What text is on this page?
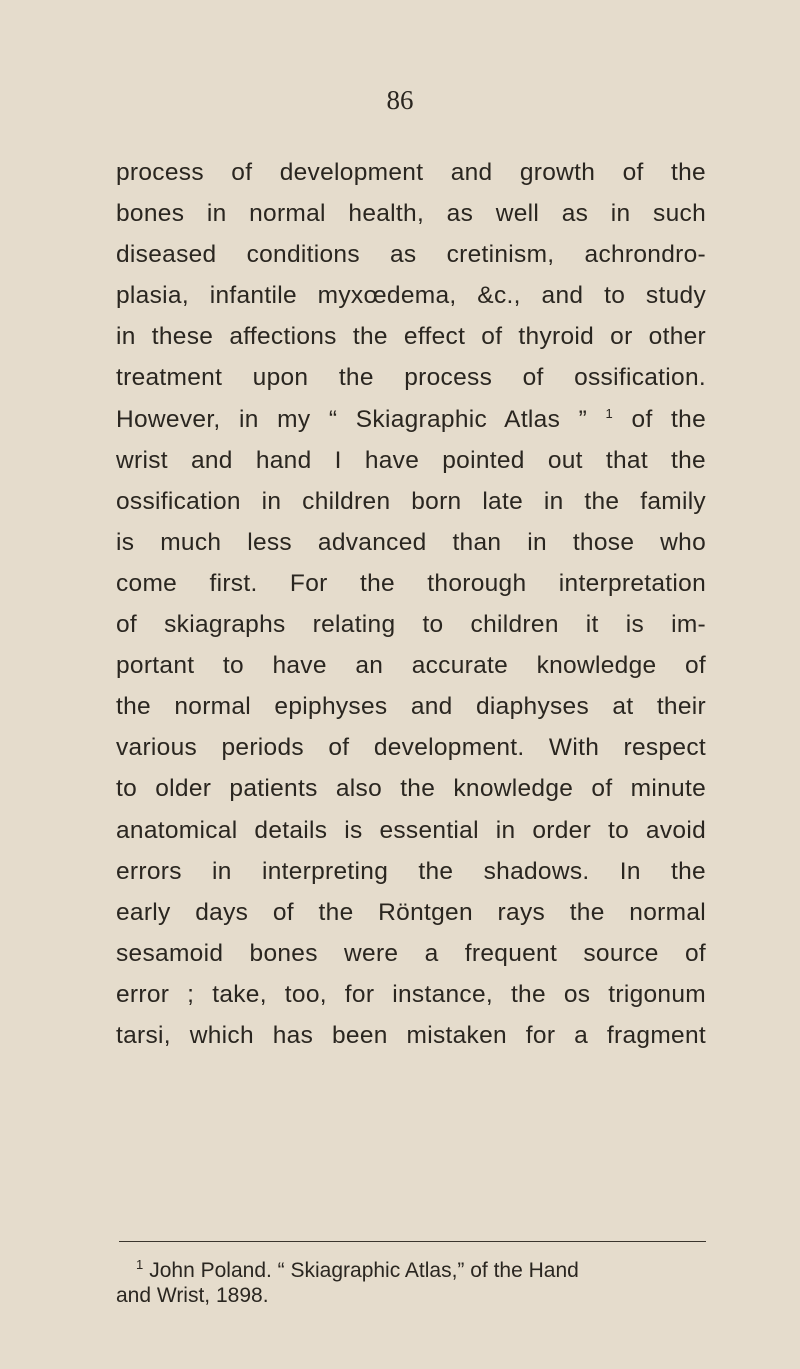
86
process of development and growth of the
bones in normal health, as well as in such
diseased conditions as cretinism, achrondro-
plasia, infantile myxœdema, &c., and to study
in these affections the effect of thyroid or other
treatment upon the process of ossification.
However, in my “ Skiagraphic Atlas ” $^1$ of the
wrist and hand I have pointed out that the
ossification in children born late in the family
is much less advanced than in those who
come first. For the thorough interpretation
of skiagraphs relating to children it is im-
portant to have an accurate knowledge of
the normal epiphyses and diaphyses at their
various periods of development. With respect
to older patients also the knowledge of minute
anatomical details is essential in order to avoid
errors in interpreting the shadows. In the
early days of the Röntgen rays the normal
sesamoid bones were a frequent source of
error ; take, too, for instance, the os trigonum
tarsi, which has been mistaken for a fragment
$^1$ John Poland. “ Skiagraphic Atlas,” of the Hand
and Wrist, 1898.
